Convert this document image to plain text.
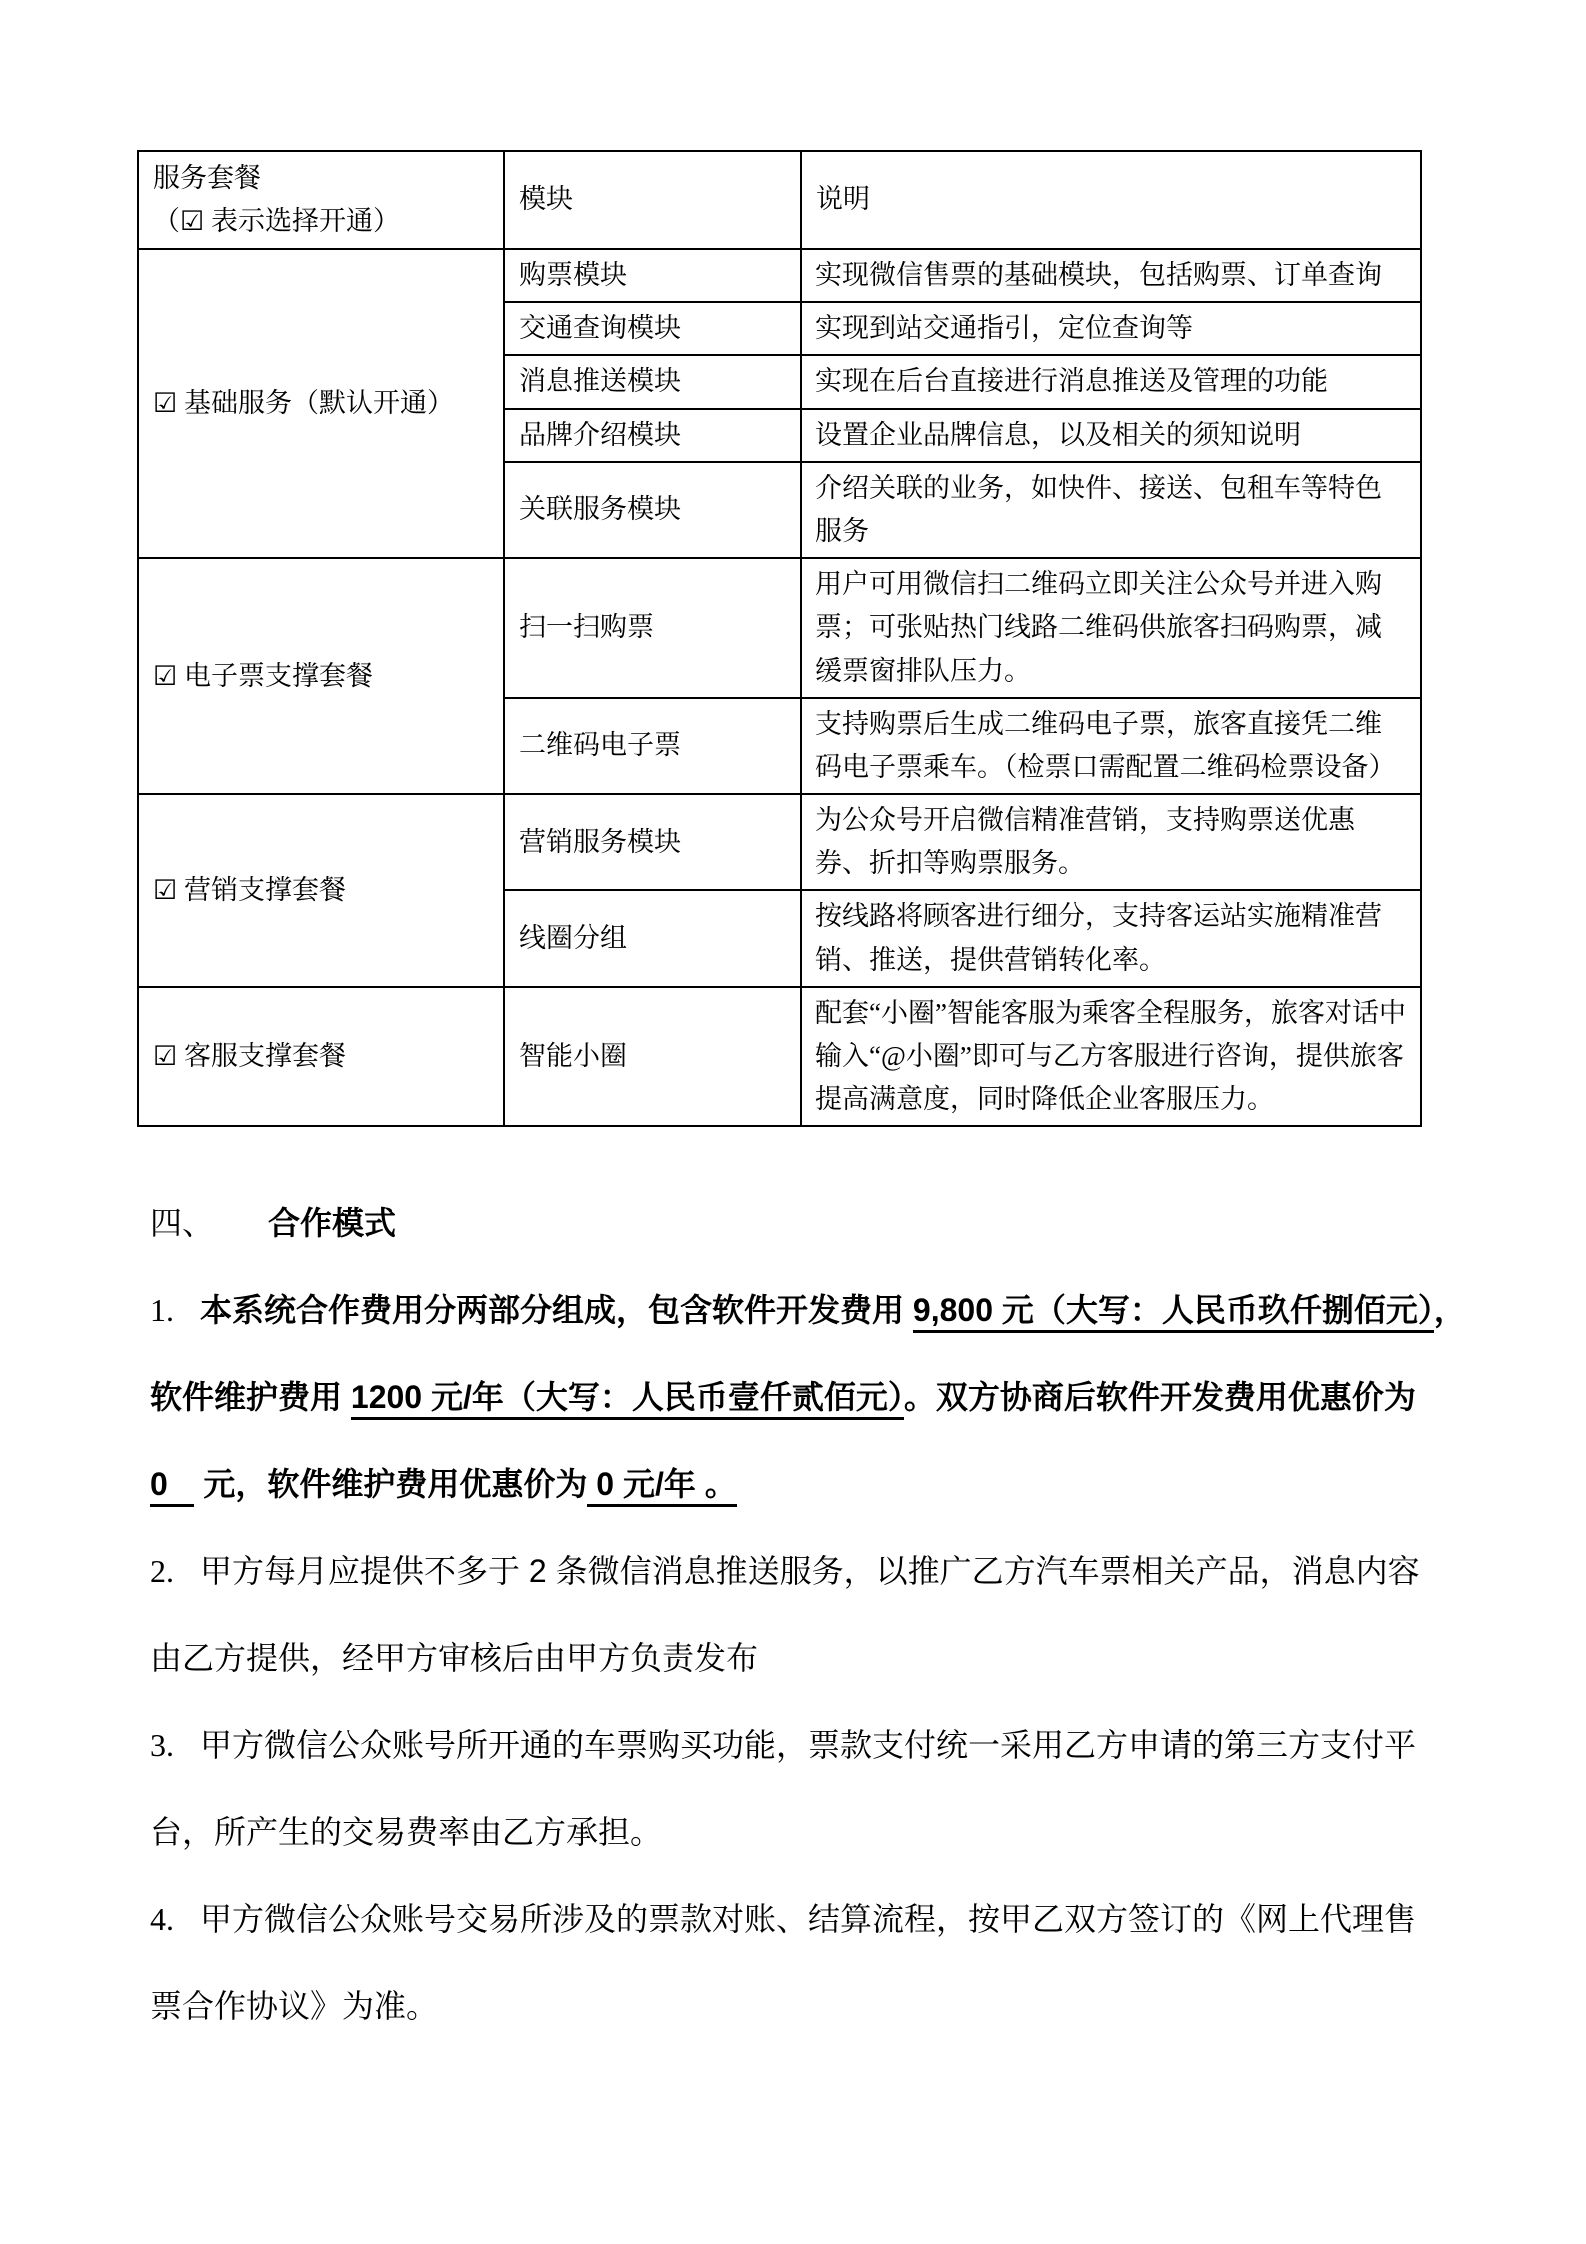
服务套餐
（☑ 表示选择开通）	模块	说明
☑ 基础服务（默认开通）	购票模块	实现微信售票的基础模块，包括购票、订单查询
	交通查询模块	实现到站交通指引，定位查询等
	消息推送模块	实现在后台直接进行消息推送及管理的功能
	品牌介绍模块	设置企业品牌信息，以及相关的须知说明
	关联服务模块	介绍关联的业务，如快件、接送、包租车等特色服务
☑ 电子票支撑套餐	扫一扫购票	用户可用微信扫二维码立即关注公众号并进入购票；可张贴热门线路二维码供旅客扫码购票，减缓票窗排队压力。
	二维码电子票	支持购票后生成二维码电子票，旅客直接凭二维码电子票乘车。（检票口需配置二维码检票设备）
☑ 营销支撑套餐	营销服务模块	为公众号开启微信精准营销，支持购票送优惠券、折扣等购票服务。
	线圈分组	按线路将顾客进行细分，支持客运站实施精准营销、推送，提供营销转化率。
☑ 客服支撑套餐	智能小圈	配套“小圈”智能客服为乘客全程服务，旅客对话中输入“@小圈”即可与乙方客服进行咨询，提供旅客提高满意度，同时降低企业客服压力。
四、 合作模式
1. 本系统合作费用分两部分组成，包含软件开发费用 9,800 元（大写：人民币玖仟捌佰元），
软件维护费用 1200 元/年（大写：人民币壹仟贰佰元）。双方协商后软件开发费用优惠价为
0    元，软件维护费用优惠价为 0 元/年 。
2. 甲方每月应提供不多于 2 条微信消息推送服务，以推广乙方汽车票相关产品，消息内容
由乙方提供，经甲方审核后由甲方负责发布
3. 甲方微信公众账号所开通的车票购买功能，票款支付统一采用乙方申请的第三方支付平
台，所产生的交易费率由乙方承担。
4. 甲方微信公众账号交易所涉及的票款对账、结算流程，按甲乙双方签订的《网上代理售
票合作协议》为准。
